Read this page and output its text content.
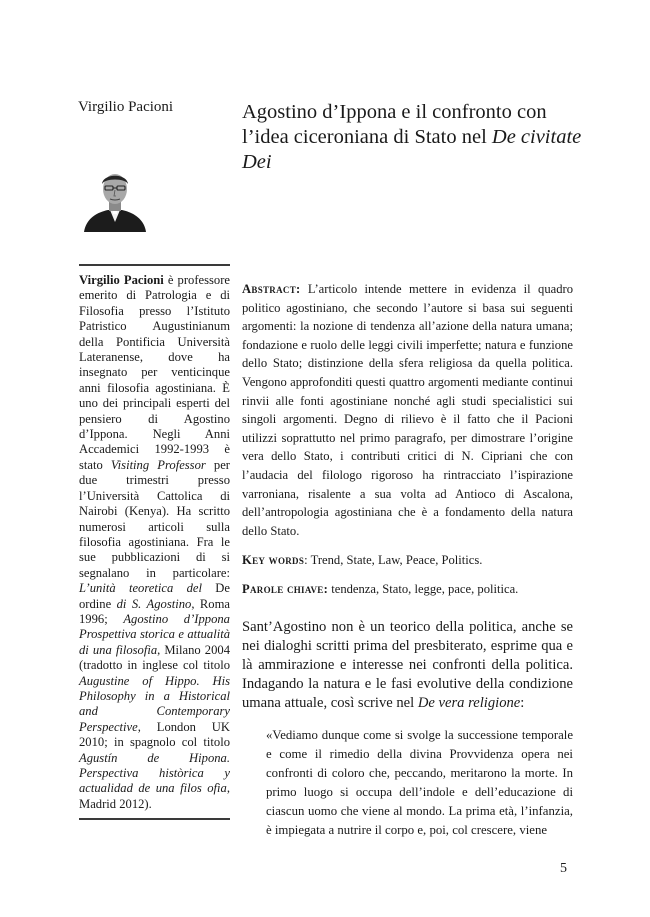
Virgilio Pacioni	Agostino d’Ippona e il confronto con l’idea ciceroniana di Stato nel De civitate Dei

Virgilio Pacioni è professore emerito di Patrologia e di Filosofia presso l’Istituto Patristico Augustinianum della Pontificia Università Lateranense, dove ha insegnato per venticinque anni filosofia agostiniana. È uno dei principali esperti del pensiero di Agostino d’Ippona. Negli Anni Accademici 1992-1993 è stato Visiting Professor per due trimestri presso l’Università Cattolica di Nairobi (Kenya). Ha scritto numerosi articoli sulla filosofia agostiniana. Fra le sue pubblicazioni di si segnalano in particolare: L’unità teoretica del De ordine di S. Agostino, Roma 1996; Agostino d’Ippona Prospettiva storica e attualità di una filosofia, Milano 2004 (tradotto in inglese col titolo Augustine of Hippo. His Philosophy in a Historical and Contemporary Perspective, London UK 2010; in spagnolo col titolo Agustín de Hipona. Perspectiva històrica y actualidad de una filos ofìa, Madrid 2012).

Abstract: L’articolo intende mettere in evidenza il quadro politico agostiniano, che secondo l’autore si basa sui seguenti argomenti: la nozione di tendenza all’azione della natura umana; fondazione e ruolo delle leggi civili imperfette; natura e funzione dello Stato; distinzione della sfera religiosa da quella politica. Vengono approfonditi questi quattro argomenti mediante continui rinvii alle fonti agostiniane nonché agli studi specialistici sui singoli argomenti. Degno di rilievo è il fatto che il Pacioni utilizzi soprattutto nel primo paragrafo, per dimostrare l’origine vera dello Stato, i contributi critici di N. Cipriani che con l’audacia del filologo rigoroso ha rintracciato l’ispirazione varroniana, risalente a sua volta ad Antioco di Ascalona, dell’antropologia agostiniana che è a fondamento della natura dello Stato.

Key words: Trend, State, Law, Peace, Politics.

Parole chiave: tendenza, Stato, legge, pace, politica.

Sant’Agostino non è un teorico della politica, anche se nei dialoghi scritti prima del presbiterato, esprime qua e là ammirazione e interesse nei confronti della politica. Indagando la natura e le fasi evolutive della condizione umana attuale, così scrive nel De vera religione:

«Vediamo dunque come si svolge la successione temporale e come il rimedio della divina Provvidenza opera nei confronti di coloro che, peccando, meritarono la morte. In primo luogo si occupa dell’indole e dell’educazione di ciascun uomo che viene al mondo. La prima età, l’infanzia, è impiegata a nutrire il corpo e, poi, col crescere, viene

5
